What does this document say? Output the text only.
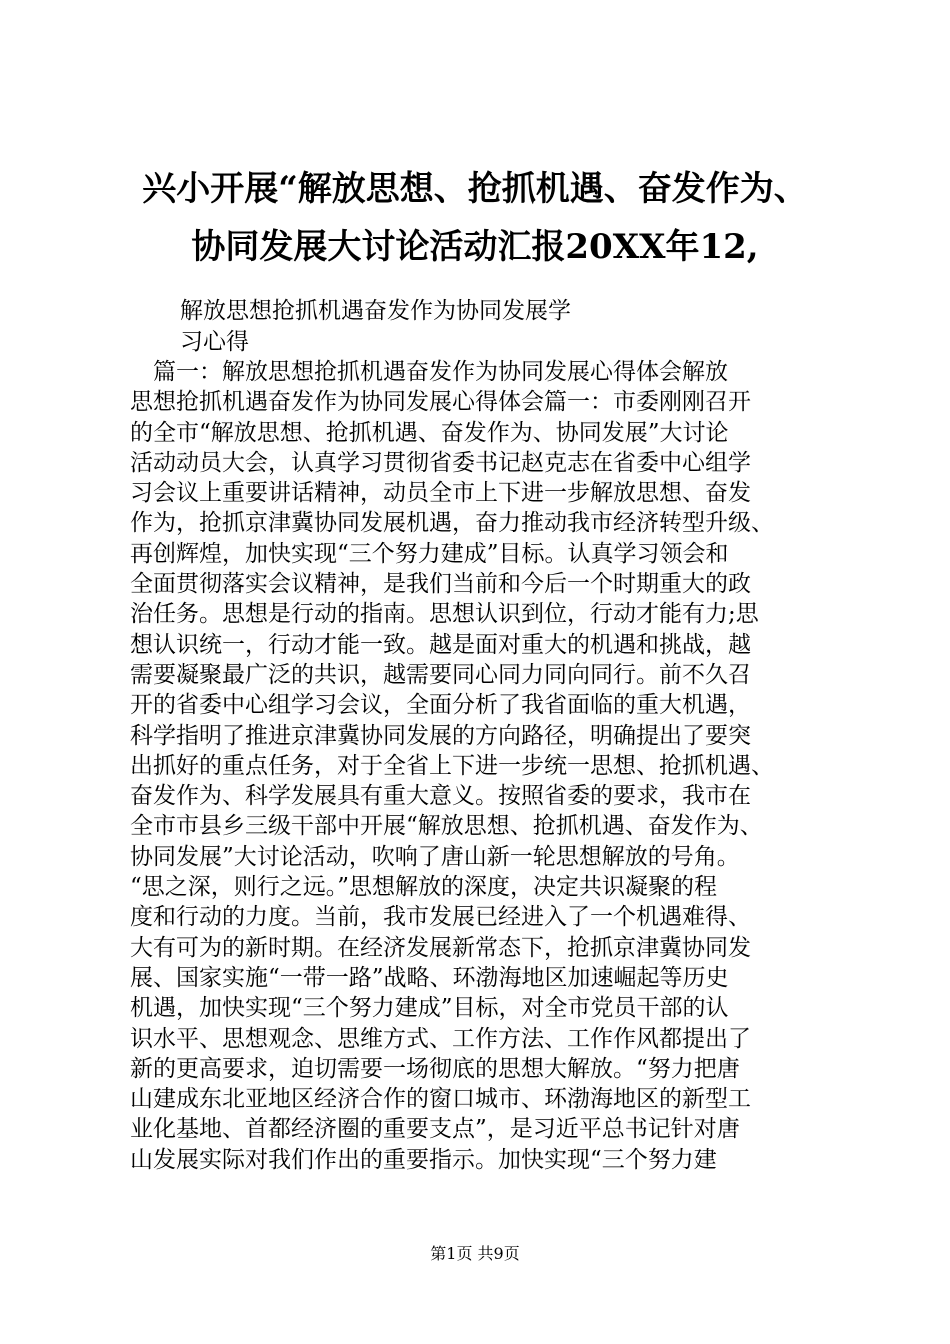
兴小开展“解放思想、抢抓机遇、奋发作为、
协同发展大讨论活动汇报20XX年12,
解放思想抢抓机遇奋发作为协同发展学
习心得
　篇一：解放思想抢抓机遇奋发作为协同发展心得体会解放
思想抢抓机遇奋发作为协同发展心得体会篇一：市委刚刚召开
的全市“解放思想、抢抓机遇、奋发作为、协同发展”大讨论
活动动员大会，认真学习贯彻省委书记赵克志在省委中心组学
习会议上重要讲话精神，动员全市上下进一步解放思想、奋发
作为，抢抓京津冀协同发展机遇，奋力推动我市经济转型升级、
再创辉煌，加快实现“三个努力建成”目标。认真学习领会和
全面贯彻落实会议精神，是我们当前和今后一个时期重大的政
治任务。思想是行动的指南。思想认识到位，行动才能有力;思
想认识统一，行动才能一致。越是面对重大的机遇和挑战，越
需要凝聚最广泛的共识，越需要同心同力同向同行。前不久召
开的省委中心组学习会议，全面分析了我省面临的重大机遇，
科学指明了推进京津冀协同发展的方向路径，明确提出了要突
出抓好的重点任务，对于全省上下进一步统一思想、抢抓机遇、
奋发作为、科学发展具有重大意义。按照省委的要求，我市在
全市市县乡三级干部中开展“解放思想、抢抓机遇、奋发作为、
协同发展”大讨论活动，吹响了唐山新一轮思想解放的号角。
“思之深，则行之远。”思想解放的深度，决定共识凝聚的程
度和行动的力度。当前，我市发展已经进入了一个机遇难得、
大有可为的新时期。在经济发展新常态下，抢抓京津冀协同发
展、国家实施“一带一路”战略、环渤海地区加速崛起等历史
机遇，加快实现“三个努力建成”目标，对全市党员干部的认
识水平、思想观念、思维方式、工作方法、工作作风都提出了
新的更高要求，迫切需要一场彻底的思想大解放。“努力把唐
山建成东北亚地区经济合作的窗口城市、环渤海地区的新型工
业化基地、首都经济圈的重要支点”，是习近平总书记针对唐
山发展实际对我们作出的重要指示。加快实现“三个努力建
第1页 共9页
